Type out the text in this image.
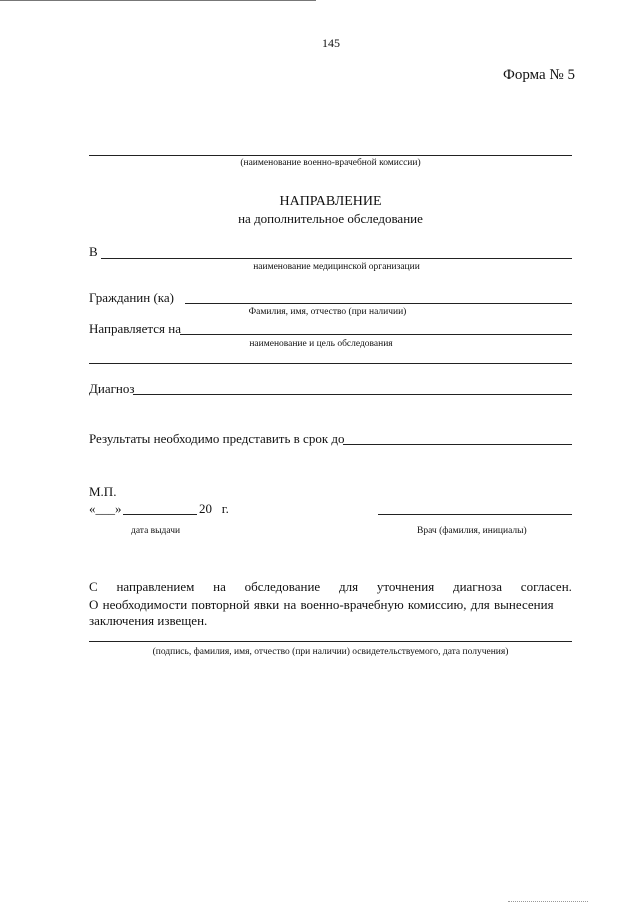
145
Форма № 5
(наименование военно-врачебной комиссии)
НАПРАВЛЕНИЕ
на дополнительное обследование
В
наименование медицинской организации
Гражданин (ка)
Фамилия, имя, отчество (при наличии)
Направляется на
наименование и цель обследования
Диагноз
Результаты необходимо представить в срок до
М.П.
«___»	20   г.
дата выдачи	Врач (фамилия, инициалы)
С направлением на обследование для уточнения диагноза согласен.
О необходимости повторной явки на военно-врачебную комиссию, для вынесения
заключения извещен.
(подпись, фамилия, имя, отчество (при наличии) освидетельствуемого, дата получения)
